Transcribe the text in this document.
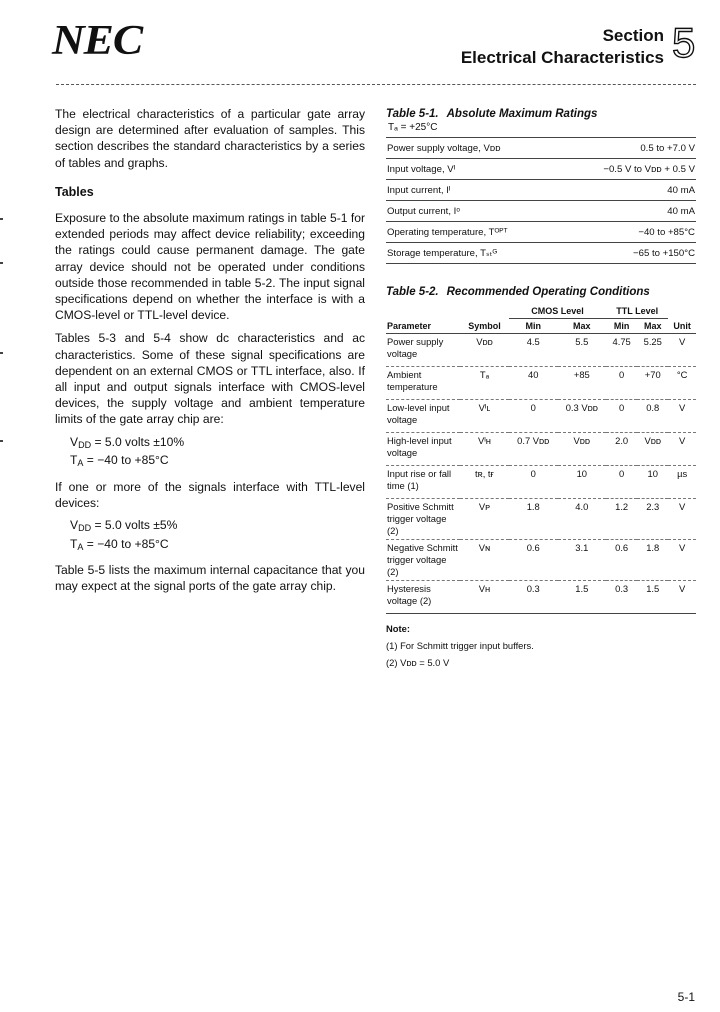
NEC	Section
Electrical Characteristics 5

The electrical characteristics of a particular gate array design are determined after evaluation of samples. This section describes the standard characteristics by a series of tables and graphs.

Tables

Exposure to the absolute maximum ratings in table 5-1 for extended periods may affect device reliability; exceeding the ratings could cause permanent damage. The gate array device should not be operated under conditions outside those recommended in table 5-2. The input signal specifications depend on whether the interface is with a CMOS-level or TTL-level device.

Tables 5-3 and 5-4 show dc characteristics and ac characteristics. Some of these signal specifications are dependent on an external CMOS or TTL interface, also. If all input and output signals interface with CMOS-level devices, the supply voltage and ambient temperature limits of the gate array chip are:

$V_{DD} = 5.0$ volts ±10%
$T_A = -40$ to +85°C

If one or more of the signals interface with TTL-level devices:

$V_{DD} = 5.0$ volts ±5%
$T_A = -40$ to +85°C

Table 5-5 lists the maximum internal capacitance that you may expect at the signal ports of the gate array chip.

Table 5-1. Absolute Maximum Ratings
Tₐ = +25°C
Power supply voltage, Vᴅᴅ	0.5 to +7.0 V
Input voltage, Vᴵ	−0.5 V to Vᴅᴅ + 0.5 V
Input current, Iᴵ	40 mA
Output current, Iᵒ	40 mA
Operating temperature, Tᴼᴾᵀ	−40 to +85°C
Storage temperature, Tₛₜᴳ	−65 to +150°C
Table 5-2. Recommended Operating Conditions
		CMOS Level		TTL Level		
Parameter	Symbol	Min	Max	Min	Max	Unit
Power supply voltage	Vᴅᴅ	4.5	5.5	4.75	5.25	V
Ambient temperature	Tₐ	40	+85	0	+70	°C
Low-level input voltage	Vᴵʟ	0	0.3 Vᴅᴅ	0	0.8	V
High-level input voltage	Vᴵʜ	0.7 Vᴅᴅ	Vᴅᴅ	2.0	Vᴅᴅ	V
Input rise or fall time (1)	tʀ, tғ	0	10	0	10	µs
Positive Schmitt trigger voltage (2)	Vᴘ	1.8	4.0	1.2	2.3	V
Negative Schmitt trigger voltage (2)	Vɴ	0.6	3.1	0.6	1.8	V
Hysteresis voltage (2)	Vʜ	0.3	1.5	0.3	1.5	V
Note:
(1) For Schmitt trigger input buffers.
(2) Vᴅᴅ = 5.0 V
5-1
